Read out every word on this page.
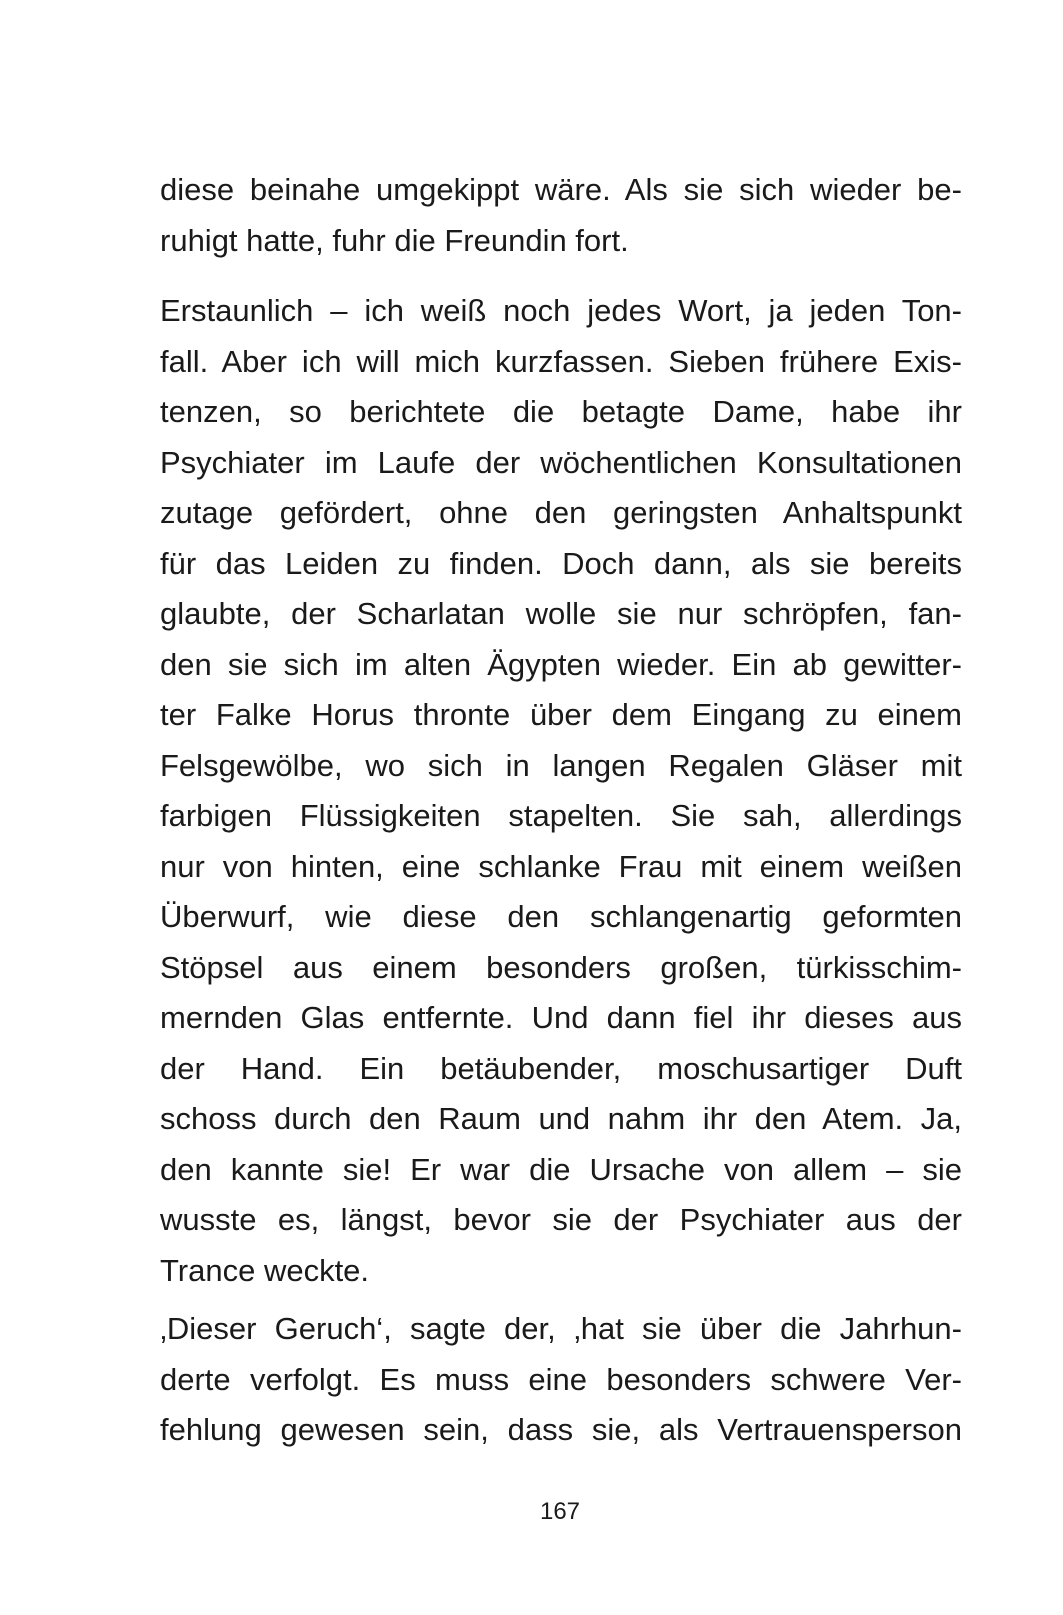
diese beinahe umgekippt wäre. Als sie sich wieder be-
ruhigt hatte, fuhr die Freundin fort.
Erstaunlich – ich weiß noch jedes Wort, ja jeden Ton-
fall. Aber ich will mich kurzfassen. Sieben frühere Exis-
tenzen, so berichtete die betagte Dame, habe ihr
Psychiater im Laufe der wöchentlichen Konsultationen
zutage gefördert, ohne den geringsten Anhaltspunkt
für das Leiden zu finden. Doch dann, als sie bereits
glaubte, der Scharlatan wolle sie nur schröpfen, fan-
den sie sich im alten Ägypten wieder. Ein ab gewitter-
ter Falke Horus thronte über dem Eingang zu einem
Felsgewölbe, wo sich in langen Regalen Gläser mit
farbigen Flüssigkeiten stapelten. Sie sah, allerdings
nur von hinten, eine schlanke Frau mit einem weißen
Überwurf, wie diese den schlangenartig geformten
Stöpsel aus einem besonders großen, türkisschim-
mernden Glas entfernte. Und dann fiel ihr dieses aus
der Hand. Ein betäubender, moschusartiger Duft
schoss durch den Raum und nahm ihr den Atem. Ja,
den kannte sie! Er war die Ursache von allem – sie
wusste es, längst, bevor sie der Psychiater aus der
Trance weckte.
‚Dieser Geruch‘, sagte der, ‚hat sie über die Jahrhun-
derte verfolgt. Es muss eine besonders schwere Ver-
fehlung gewesen sein, dass sie, als Vertrauensperson
167
